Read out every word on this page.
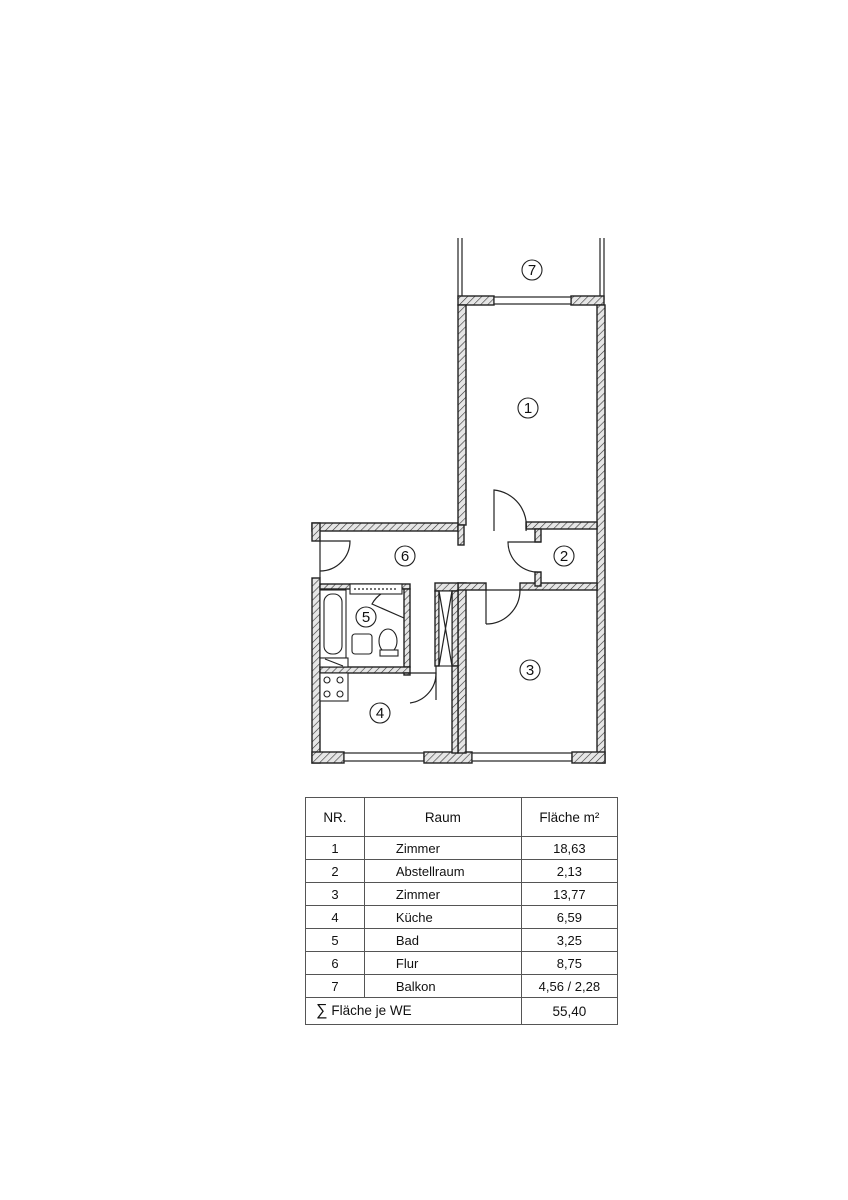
7
1
6	2
5
3
4
NR.	Raum	Fläche m²
1	Zimmer	18,63
2	Abstellraum	2,13
3	Zimmer	13,77
4	Küche	6,59
5	Bad	3,25
6	Flur	8,75
7	Balkon	4,56 / 2,28
∑ Fläche je WE		55,40
